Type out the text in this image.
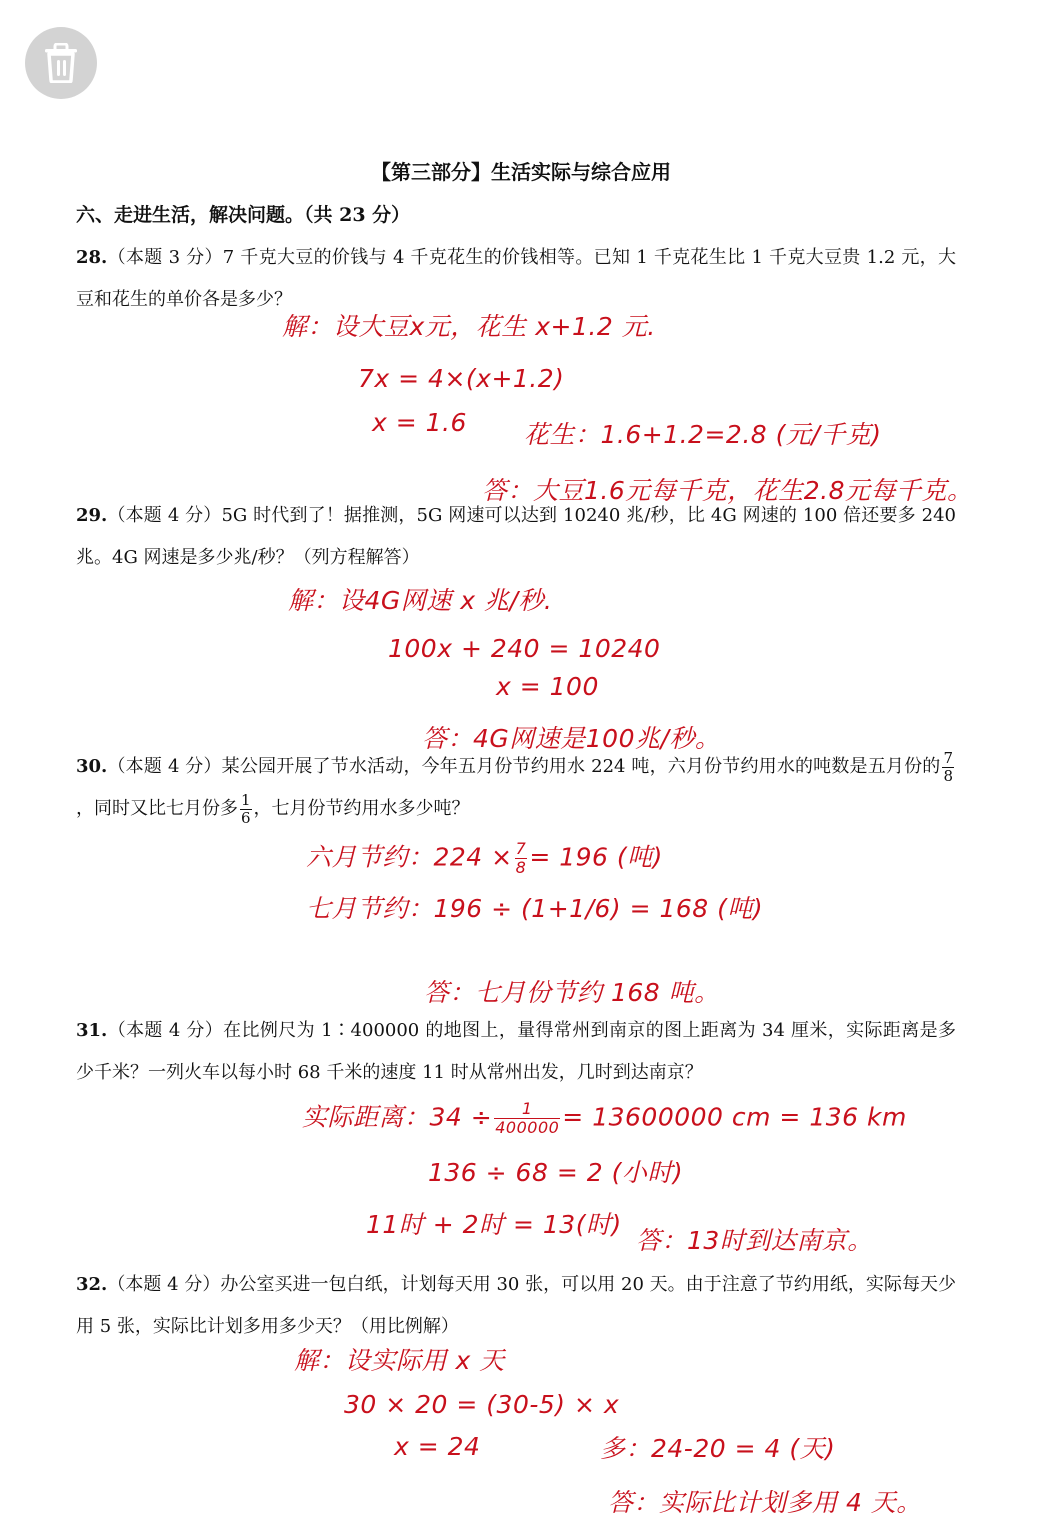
【第三部分】生活实际与综合应用
六、走进生活，解决问题。（共 23 分）
28.（本题 3 分）7 千克大豆的价钱与 4 千克花生的价钱相等。已知 1 千克花生比 1 千克大豆贵 1.2 元，大豆和花生的单价各是多少？
解：设大豆x元，花生 x+1.2 元.
7x = 4×(x+1.2)
x = 1.6 花生：1.6+1.2=2.8 (元/千克)
答：大豆1.6元每千克，花生2.8元每千克。
29.（本题 4 分）5G 时代到了！据推测，5G 网速可以达到 10240 兆/秒，比 4G 网速的 100 倍还要多 240 兆。4G 网速是多少兆/秒？（列方程解答）
解：设4G网速 x 兆/秒.
100x + 240 = 10240
x = 100
答：4G网速是100兆/秒。
30.（本题 4 分）某公园开展了节水活动，今年五月份节约用水 224 吨，六月份节约用水的吨数是五月份的 $\frac{7}{8}$
，同时又比七月份多 $\frac{1}{6}$ ，七月份节约用水多少吨？
六月节约：$224 \times \frac{7}{8} = 196$ (吨)
七月节约：196 ÷ (1+1/6) = 168 (吨)
答：七月份节约 168 吨。
31.（本题 4 分）在比例尺为 1∶400000 的地图上，量得常州到南京的图上距离为 34 厘米，实际距离是多少千米？一列火车以每小时 68 千米的速度 11 时从常州出发，几时到达南京？
实际距离：$34 \div \frac{1}{400000} = 13600000$ cm = 136 km
136 ÷ 68 = 2 (小时)
11时 + 2时 = 13(时)
答：13时到达南京。
32.（本题 4 分）办公室买进一包白纸，计划每天用 30 张，可以用 20 天。由于注意了节约用纸，实际每天少用 5 张，实际比计划多用多少天？（用比例解）
解：设实际用 x 天
30 × 20 = (30-5) × x
x = 24	多：24-20 = 4 (天)
答：实际比计划多用 4 天。
